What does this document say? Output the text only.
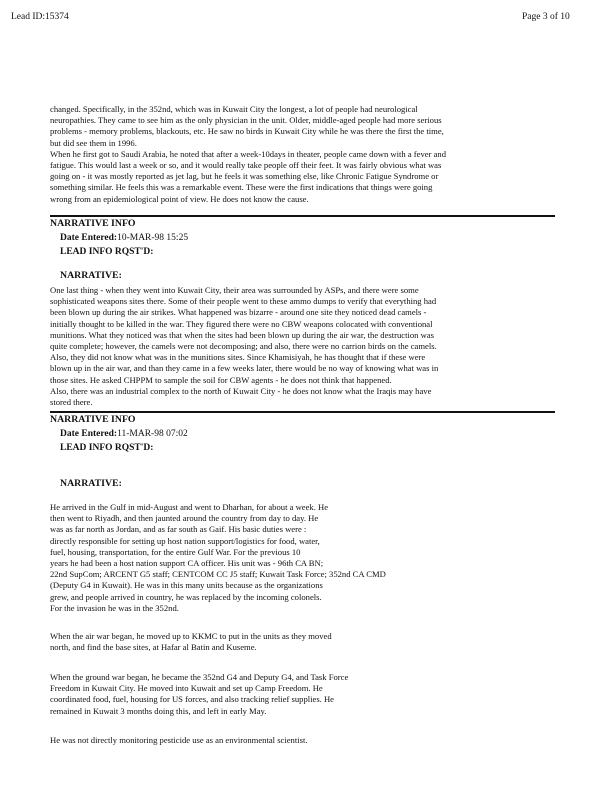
Lead ID:15374	Page 3 of 10
changed. Specifically, in the 352nd, which was in Kuwait City the longest, a lot of people had neurological
neuropathies. They came to see him as the only physician in the unit. Older, middle-aged people had more serious
problems - memory problems, blackouts, etc. He saw no birds in Kuwait City while he was there the first the time,
but did see them in 1996.
When he first got to Saudi Arabia, he noted that after a week-10days in theater, people came down with a fever and
fatigue. This would last a week or so, and it would really take people off their feet. It was fairly obvious what was
going on - it was mostly reported as jet lag, but he feels it was something else, like Chronic Fatigue Syndrome or
something similar. He feels this was a remarkable event. These were the first indications that things were going
wrong from an epidemiological point of view. He does not know the cause.
NARRATIVE INFO
Date Entered:10-MAR-98 15:25
LEAD INFO RQST'D:
NARRATIVE:
One last thing - when they went into Kuwait City, their area was surrounded by ASPs, and there were some
sophisticated weapons sites there. Some of their people went to these ammo dumps to verify that everything had
been blown up during the air strikes. What happened was bizarre - around one site they noticed dead camels -
initially thought to be killed in the war. They figured there were no CBW weapons colocated with conventional
munitions. What they noticed was that when the sites had been blown up during the air war, the destruction was
quite complete; however, the camels were not decomposing; and also, there were no carrion birds on the camels.
Also, they did not know what was in the munitions sites. Since Khamisiyah, he has thought that if these were
blown up in the air war, and than they came in a few weeks later, there would be no way of knowing what was in
those sites. He asked CHPPM to sample the soil for CBW agents - he does not think that happened.
Also, there was an industrial complex to the north of Kuwait City - he does not know what the Iraqis may have
stored there.
NARRATIVE INFO
Date Entered:11-MAR-98 07:02
LEAD INFO RQST'D:
NARRATIVE:
He arrived in the Gulf in mid-August and went to Dharhan, for about a week. He
then went to Riyadh, and then jaunted around the country from day to day. He
was as far north as Jordan, and as far south as Gaif. His basic duties were :
directly responsible for setting up host nation support/logistics for food, water,
fuel, housing, transportation, for the entire Gulf War. For the previous 10
years he had been a host nation support CA officer. His unit was - 96th CA BN;
22nd SupCom; ARCENT G5 staff; CENTCOM CC J5 staff; Kuwait Task Force; 352nd CA CMD
(Deputy G4 in Kuwait). He was in this many units because as the organizations
grew, and people arrived in country, he was replaced by the incoming colonels.
For the invasion he was in the 352nd.
When the air war began, he moved up to KKMC to put in the units as they moved
north, and find the base sites, at Hafar al Batin and Kuseme.
When the ground war began, he became the 352nd G4 and Deputy G4, and Task Force
Freedom in Kuwait City. He moved into Kuwait and set up Camp Freedom. He
coordinated food, fuel, housing for US forces, and also tracking relief supplies. He
remained in Kuwait 3 months doing this, and left in early May.
He was not directly monitoring pesticide use as an environmental scientist.
